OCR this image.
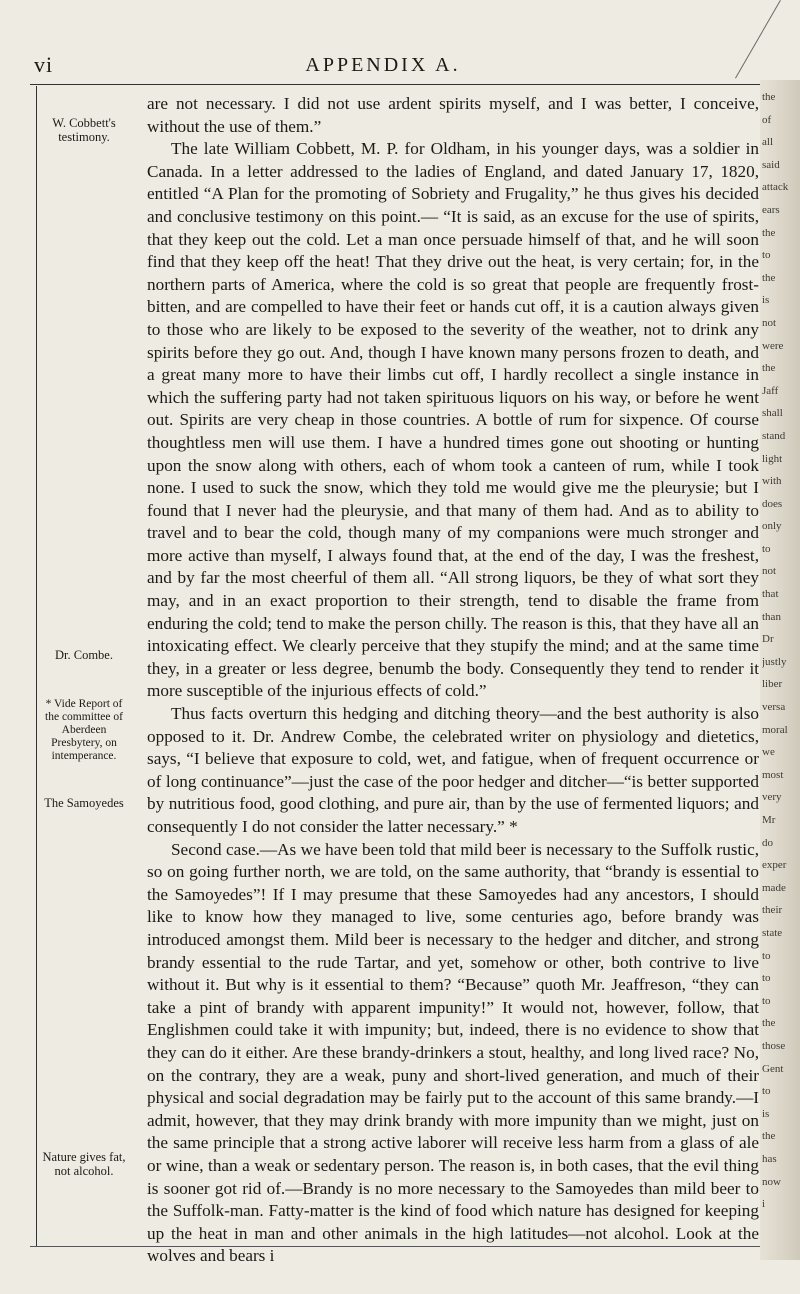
vi	APPENDIX A.
W. Cobbett's testimony.
Dr. Combe.
* Vide Report of the committee of Aberdeen Presbytery, on intemperance.
The Samoyedes
Nature gives fat, not alcohol.

are not necessary. I did not use ardent spirits myself, and I was better, I conceive, without the use of them.”

The late William Cobbett, M. P. for Oldham, in his younger days, was a soldier in Canada. In a letter addressed to the ladies of England, and dated January 17, 1820, entitled “A Plan for the promoting of Sobriety and Frugality,” he thus gives his decided and conclusive testimony on this point.— “It is said, as an excuse for the use of spirits, that they keep out the cold. Let a man once persuade himself of that, and he will soon find that they keep off the heat! That they drive out the heat, is very certain; for, in the northern parts of America, where the cold is so great that people are frequently frost-bitten, and are compelled to have their feet or hands cut off, it is a caution always given to those who are likely to be exposed to the severity of the weather, not to drink any spirits before they go out. And, though I have known many persons frozen to death, and a great many more to have their limbs cut off, I hardly recollect a single instance in which the suffering party had not taken spirituous liquors on his way, or before he went out. Spirits are very cheap in those countries. A bottle of rum for sixpence. Of course thoughtless men will use them. I have a hundred times gone out shooting or hunting upon the snow along with others, each of whom took a canteen of rum, while I took none. I used to suck the snow, which they told me would give me the pleurysie; but I found that I never had the pleurysie, and that many of them had. And as to ability to travel and to bear the cold, though many of my companions were much stronger and more active than myself, I always found that, at the end of the day, I was the freshest, and by far the most cheerful of them all. “All strong liquors, be they of what sort they may, and in an exact proportion to their strength, tend to disable the frame from enduring the cold; tend to make the person chilly. The reason is this, that they have all an intoxicating effect. We clearly perceive that they stupify the mind; and at the same time they, in a greater or less degree, benumb the body. Consequently they tend to render it more susceptible of the injurious effects of cold.”

Thus facts overturn this hedging and ditching theory—and the best authority is also opposed to it. Dr. Andrew Combe, the celebrated writer on physiology and dietetics, says, “I believe that exposure to cold, wet, and fatigue, when of frequent occurrence or of long continuance”—just the case of the poor hedger and ditcher—“is better supported by nutritious food, good clothing, and pure air, than by the use of fermented liquors; and consequently I do not consider the latter necessary.” *

Second case.—As we have been told that mild beer is necessary to the Suffolk rustic, so on going further north, we are told, on the same authority, that “brandy is essential to the Samoyedes”! If I may presume that these Samoyedes had any ancestors, I should like to know how they managed to live, some centuries ago, before brandy was introduced amongst them. Mild beer is necessary to the hedger and ditcher, and strong brandy essential to the rude Tartar, and yet, somehow or other, both contrive to live without it. But why is it essential to them? “Because” quoth Mr. Jeaffreson, “they can take a pint of brandy with apparent impunity!” It would not, however, follow, that Englishmen could take it with impunity; but, indeed, there is no evidence to show that they can do it either. Are these brandy-drinkers a stout, healthy, and long lived race? No, on the contrary, they are a weak, puny and short-lived generation, and much of their physical and social degradation may be fairly put to the account of this same brandy.—I admit, however, that they may drink brandy with more impunity than we might, just on the same principle that a strong active laborer will receive less harm from a glass of ale or wine, than a weak or sedentary person. The reason is, in both cases, that the evil thing is sooner got rid of.—Brandy is no more necessary to the Samoyedes than mild beer to the Suffolk-man. Fatty-matter is the kind of food which nature has designed for keeping up the heat in man and other animals in the high latitudes—not alcohol. Look at the wolves and bears i

the
of
all
said
attack
ears
the
to
the
is
not
were
the
Jaff
shall
stand
light
with
does
only
to
not
that
than
Dr
justly
liber
versa
moral
we
most
very
Mr
do
exper
made
their
state
to
to
to
the
those
Gent
to
is
the
has
now
i
